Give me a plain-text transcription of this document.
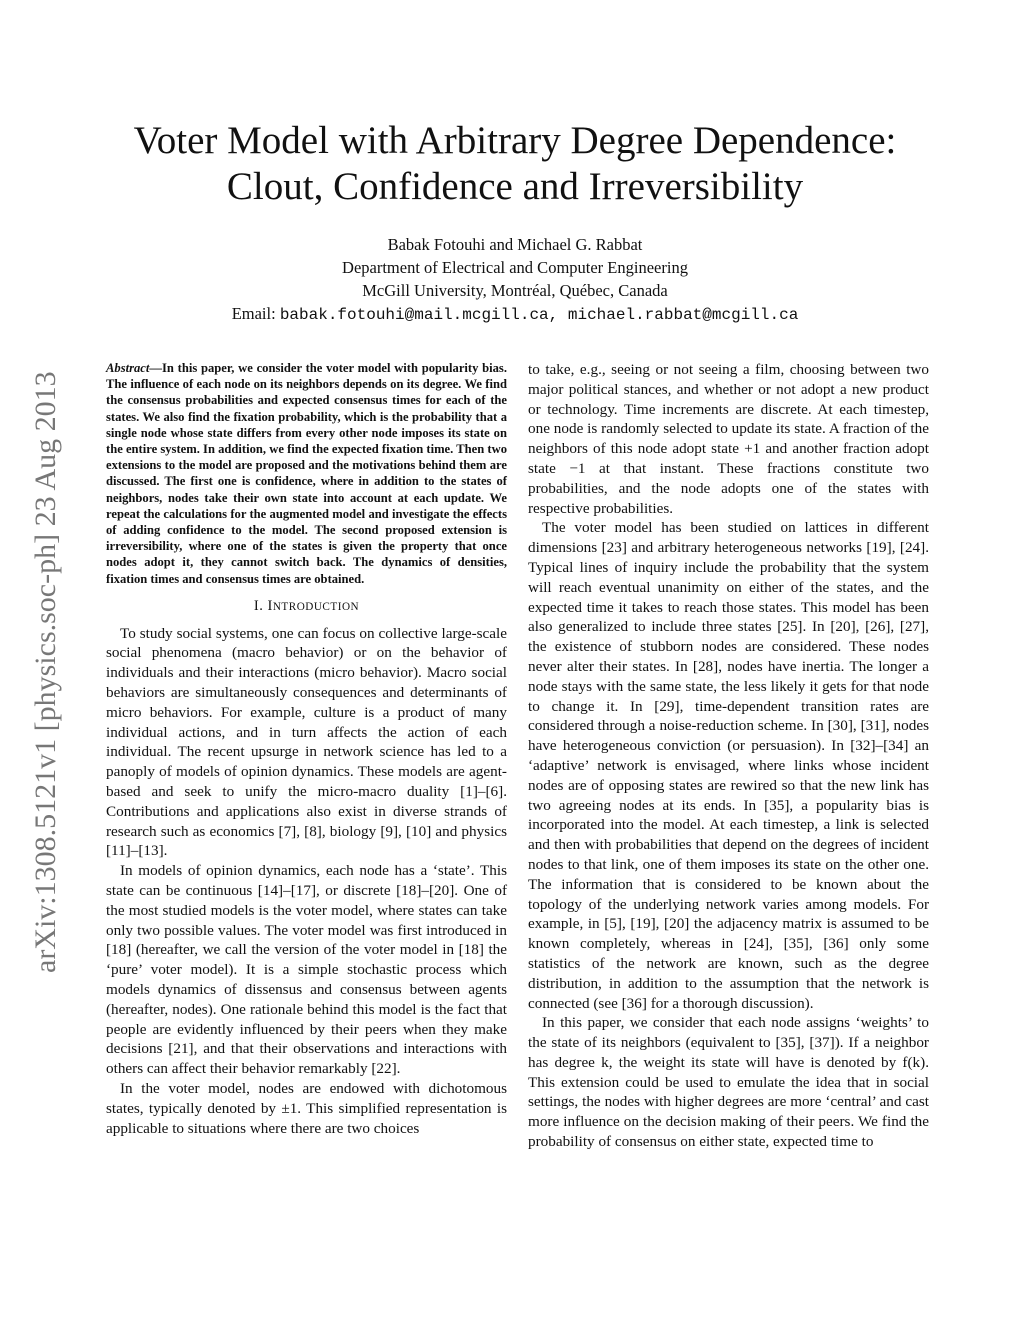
arXiv:1308.5121v1 [physics.soc-ph] 23 Aug 2013
Voter Model with Arbitrary Degree Dependence:
Clout, Confidence and Irreversibility
Babak Fotouhi and Michael G. Rabbat
Department of Electrical and Computer Engineering
McGill University, Montréal, Québec, Canada
Email: babak.fotouhi@mail.mcgill.ca, michael.rabbat@mcgill.ca

Abstract—In this paper, we consider the voter model with popularity bias. The influence of each node on its neighbors depends on its degree. We find the consensus probabilities and expected consensus times for each of the states. We also find the fixation probability, which is the probability that a single node whose state differs from every other node imposes its state on the entire system. In addition, we find the expected fixation time. Then two extensions to the model are proposed and the motivations behind them are discussed. The first one is confidence, where in addition to the states of neighbors, nodes take their own state into account at each update. We repeat the calculations for the augmented model and investigate the effects of adding confidence to the model. The second proposed extension is irreversibility, where one of the states is given the property that once nodes adopt it, they cannot switch back. The dynamics of densities, fixation times and consensus times are obtained.

I. INTRODUCTION

To study social systems, one can focus on collective large-scale social phenomena (macro behavior) or on the behavior of individuals and their interactions (micro behavior). Macro social behaviors are simultaneously consequences and determinants of micro behaviors. For example, culture is a product of many individual actions, and in turn affects the action of each individual. The recent upsurge in network science has led to a panoply of models of opinion dynamics. These models are agent-based and seek to unify the micro-macro duality [1]–[6]. Contributions and applications also exist in diverse strands of research such as economics [7], [8], biology [9], [10] and physics [11]–[13].

In models of opinion dynamics, each node has a ‘state’. This state can be continuous [14]–[17], or discrete [18]–[20]. One of the most studied models is the voter model, where states can take only two possible values. The voter model was first introduced in [18] (hereafter, we call the version of the voter model in [18] the ‘pure’ voter model). It is a simple stochastic process which models dynamics of dissensus and consensus between agents (hereafter, nodes). One rationale behind this model is the fact that people are evidently influenced by their peers when they make decisions [21], and that their observations and interactions with others can affect their behavior remarkably [22].

In the voter model, nodes are endowed with dichotomous states, typically denoted by ±1. This simplified representation is applicable to situations where there are two choices

to take, e.g., seeing or not seeing a film, choosing between two major political stances, and whether or not adopt a new product or technology. Time increments are discrete. At each timestep, one node is randomly selected to update its state. A fraction of the neighbors of this node adopt state +1 and another fraction adopt state −1 at that instant. These fractions constitute two probabilities, and the node adopts one of the states with respective probabilities.

The voter model has been studied on lattices in different dimensions [23] and arbitrary heterogeneous networks [19], [24]. Typical lines of inquiry include the probability that the system will reach eventual unanimity on either of the states, and the expected time it takes to reach those states. This model has been also generalized to include three states [25]. In [20], [26], [27], the existence of stubborn nodes are considered. These nodes never alter their states. In [28], nodes have inertia. The longer a node stays with the same state, the less likely it gets for that node to change it. In [29], time-dependent transition rates are considered through a noise-reduction scheme. In [30], [31], nodes have heterogeneous conviction (or persuasion). In [32]–[34] an ‘adaptive’ network is envisaged, where links whose incident nodes are of opposing states are rewired so that the new link has two agreeing nodes at its ends. In [35], a popularity bias is incorporated into the model. At each timestep, a link is selected and then with probabilities that depend on the degrees of incident nodes to that link, one of them imposes its state on the other one. The information that is considered to be known about the topology of the underlying network varies among models. For example, in [5], [19], [20] the adjacency matrix is assumed to be known completely, whereas in [24], [35], [36] only some statistics of the network are known, such as the degree distribution, in addition to the assumption that the network is connected (see [36] for a thorough discussion).

In this paper, we consider that each node assigns ‘weights’ to the state of its neighbors (equivalent to [35], [37]). If a neighbor has degree k, the weight its state will have is denoted by f(k). This extension could be used to emulate the idea that in social settings, the nodes with higher degrees are more ‘central’ and cast more influence on the decision making of their peers. We find the probability of consensus on either state, expected time to
